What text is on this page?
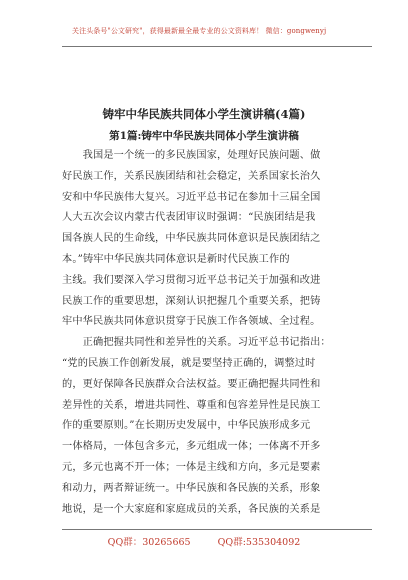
关注头条号"公文研究"，获得最新最全最专业的公文资料库！ 微信：gongwenyj
铸牢中华民族共同体小学生演讲稿(4篇)
第1篇:铸牢中华民族共同体小学生演讲稿
　　我国是一个统一的多民族国家，处理好民族问题、做
好民族工作，关系民族团结和社会稳定，关系国家长治久
安和中华民族伟大复兴。习近平总书记在参加十三届全国
人大五次会议内蒙古代表团审议时强调：“民族团结是我
国各族人民的生命线，中华民族共同体意识是民族团结之
本。”铸牢中华民族共同体意识是新时代民族工作的
主线。我们要深入学习贯彻习近平总书记关于加强和改进
民族工作的重要思想，深刻认识把握几个重要关系，把铸
牢中华民族共同体意识贯穿于民族工作各领域、全过程。
　　正确把握共同性和差异性的关系。习近平总书记指出：
“党的民族工作创新发展，就是要坚持正确的，调整过时
的，更好保障各民族群众合法权益。要正确把握共同性和
差异性的关系，增进共同性、尊重和包容差异性是民族工
作的重要原则。”在长期历史发展中，中华民族形成多元
一体格局，一体包含多元，多元组成一体；一体离不开多
元，多元也离不开一体；一体是主线和方向，多元是要素
和动力，两者辩证统一。中华民族和各民族的关系，形象
地说，是一个大家庭和家庭成员的关系，各民族的关系是
QQ群：30265665	QQ群:535304092
